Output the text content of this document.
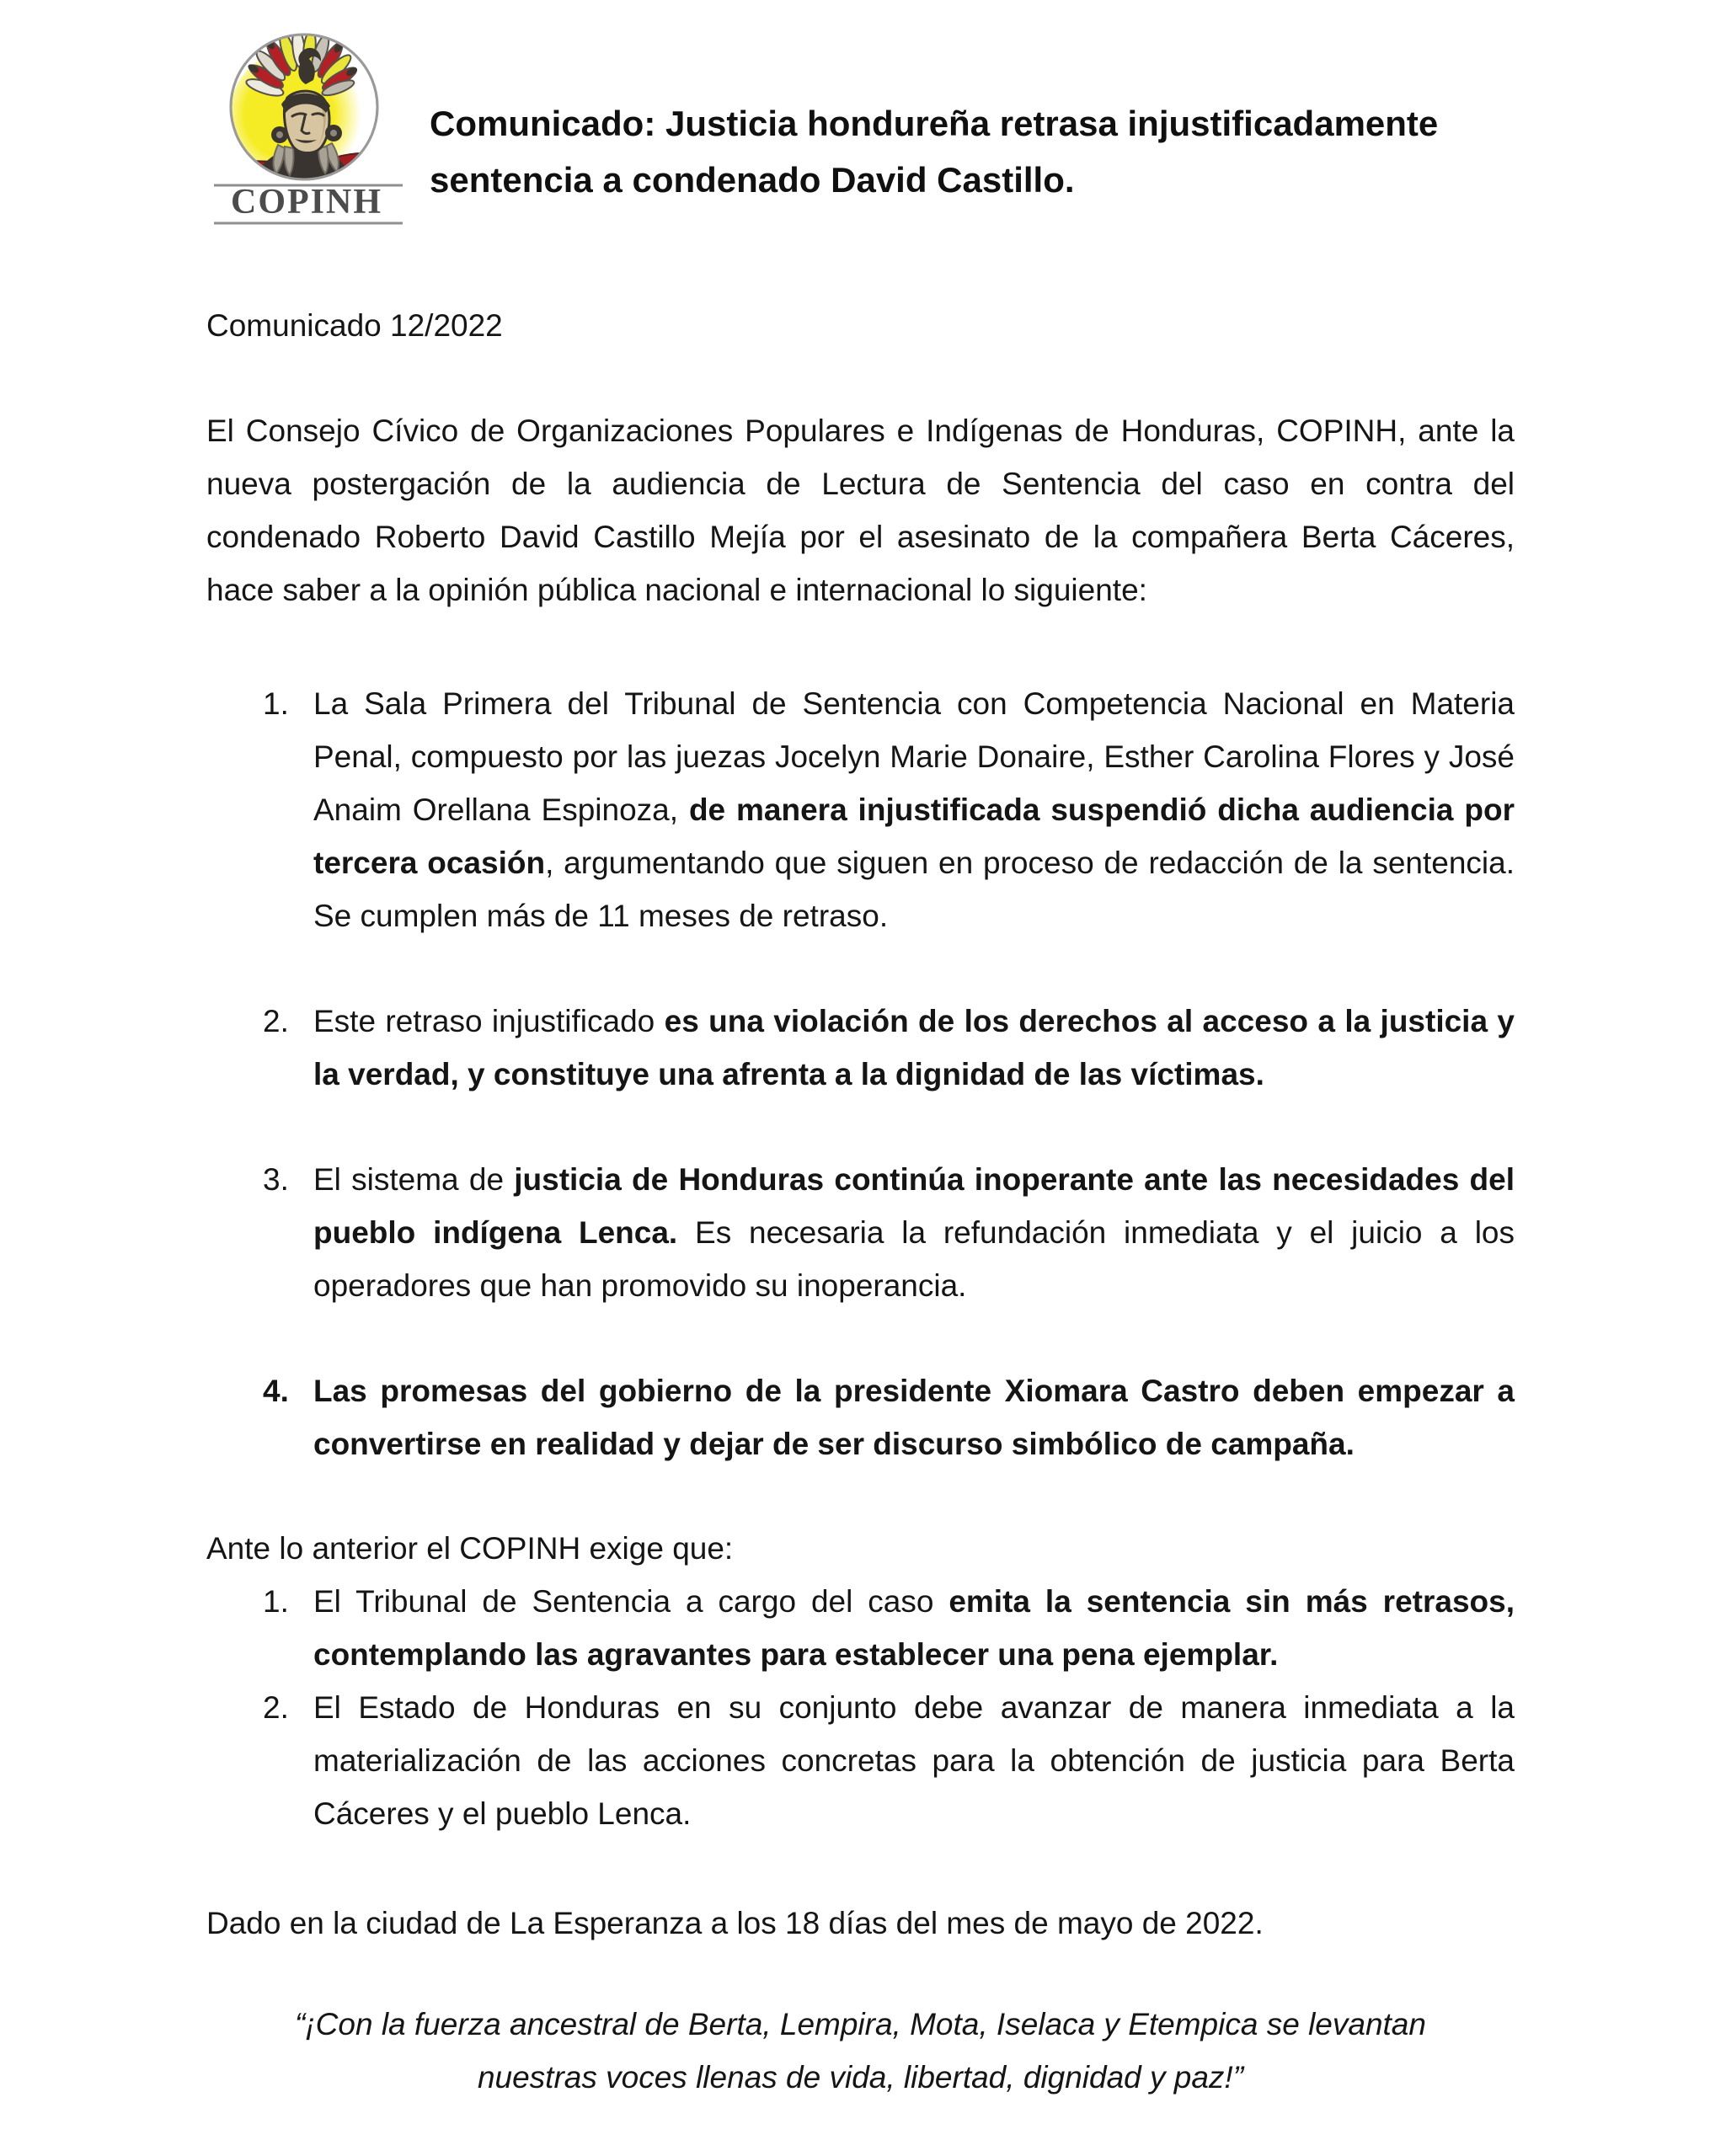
COPINH
Comunicado: Justicia hondureña retrasa injustificadamente sentencia a condenado David Castillo.

Comunicado 12/2022

El Consejo Cívico de Organizaciones Populares e Indígenas de Honduras, COPINH, ante la nueva postergación de la audiencia de Lectura de Sentencia del caso en contra del condenado Roberto David Castillo Mejía por el asesinato de la compañera Berta Cáceres, hace saber a la opinión pública nacional e internacional lo siguiente:

1. La Sala Primera del Tribunal de Sentencia con Competencia Nacional en Materia Penal, compuesto por las juezas Jocelyn Marie Donaire, Esther Carolina Flores y José Anaim Orellana Espinoza, de manera injustificada suspendió dicha audiencia por tercera ocasión, argumentando que siguen en proceso de redacción de la sentencia. Se cumplen más de 11 meses de retraso.
2. Este retraso injustificado es una violación de los derechos al acceso a la justicia y la verdad, y constituye una afrenta a la dignidad de las víctimas.
3. El sistema de justicia de Honduras continúa inoperante ante las necesidades del pueblo indígena Lenca. Es necesaria la refundación inmediata y el juicio a los operadores que han promovido su inoperancia.
4. Las promesas del gobierno de la presidente Xiomara Castro deben empezar a convertirse en realidad y dejar de ser discurso simbólico de campaña.

Ante lo anterior el COPINH exige que:

1. El Tribunal de Sentencia a cargo del caso emita la sentencia sin más retrasos, contemplando las agravantes para establecer una pena ejemplar.
2. El Estado de Honduras en su conjunto debe avanzar de manera inmediata a la materialización de las acciones concretas para la obtención de justicia para Berta Cáceres y el pueblo Lenca.

Dado en la ciudad de La Esperanza a los 18 días del mes de mayo de 2022.

“¡Con la fuerza ancestral de Berta, Lempira, Mota, Iselaca y Etempica se levantan nuestras voces llenas de vida, libertad, dignidad y paz!”
